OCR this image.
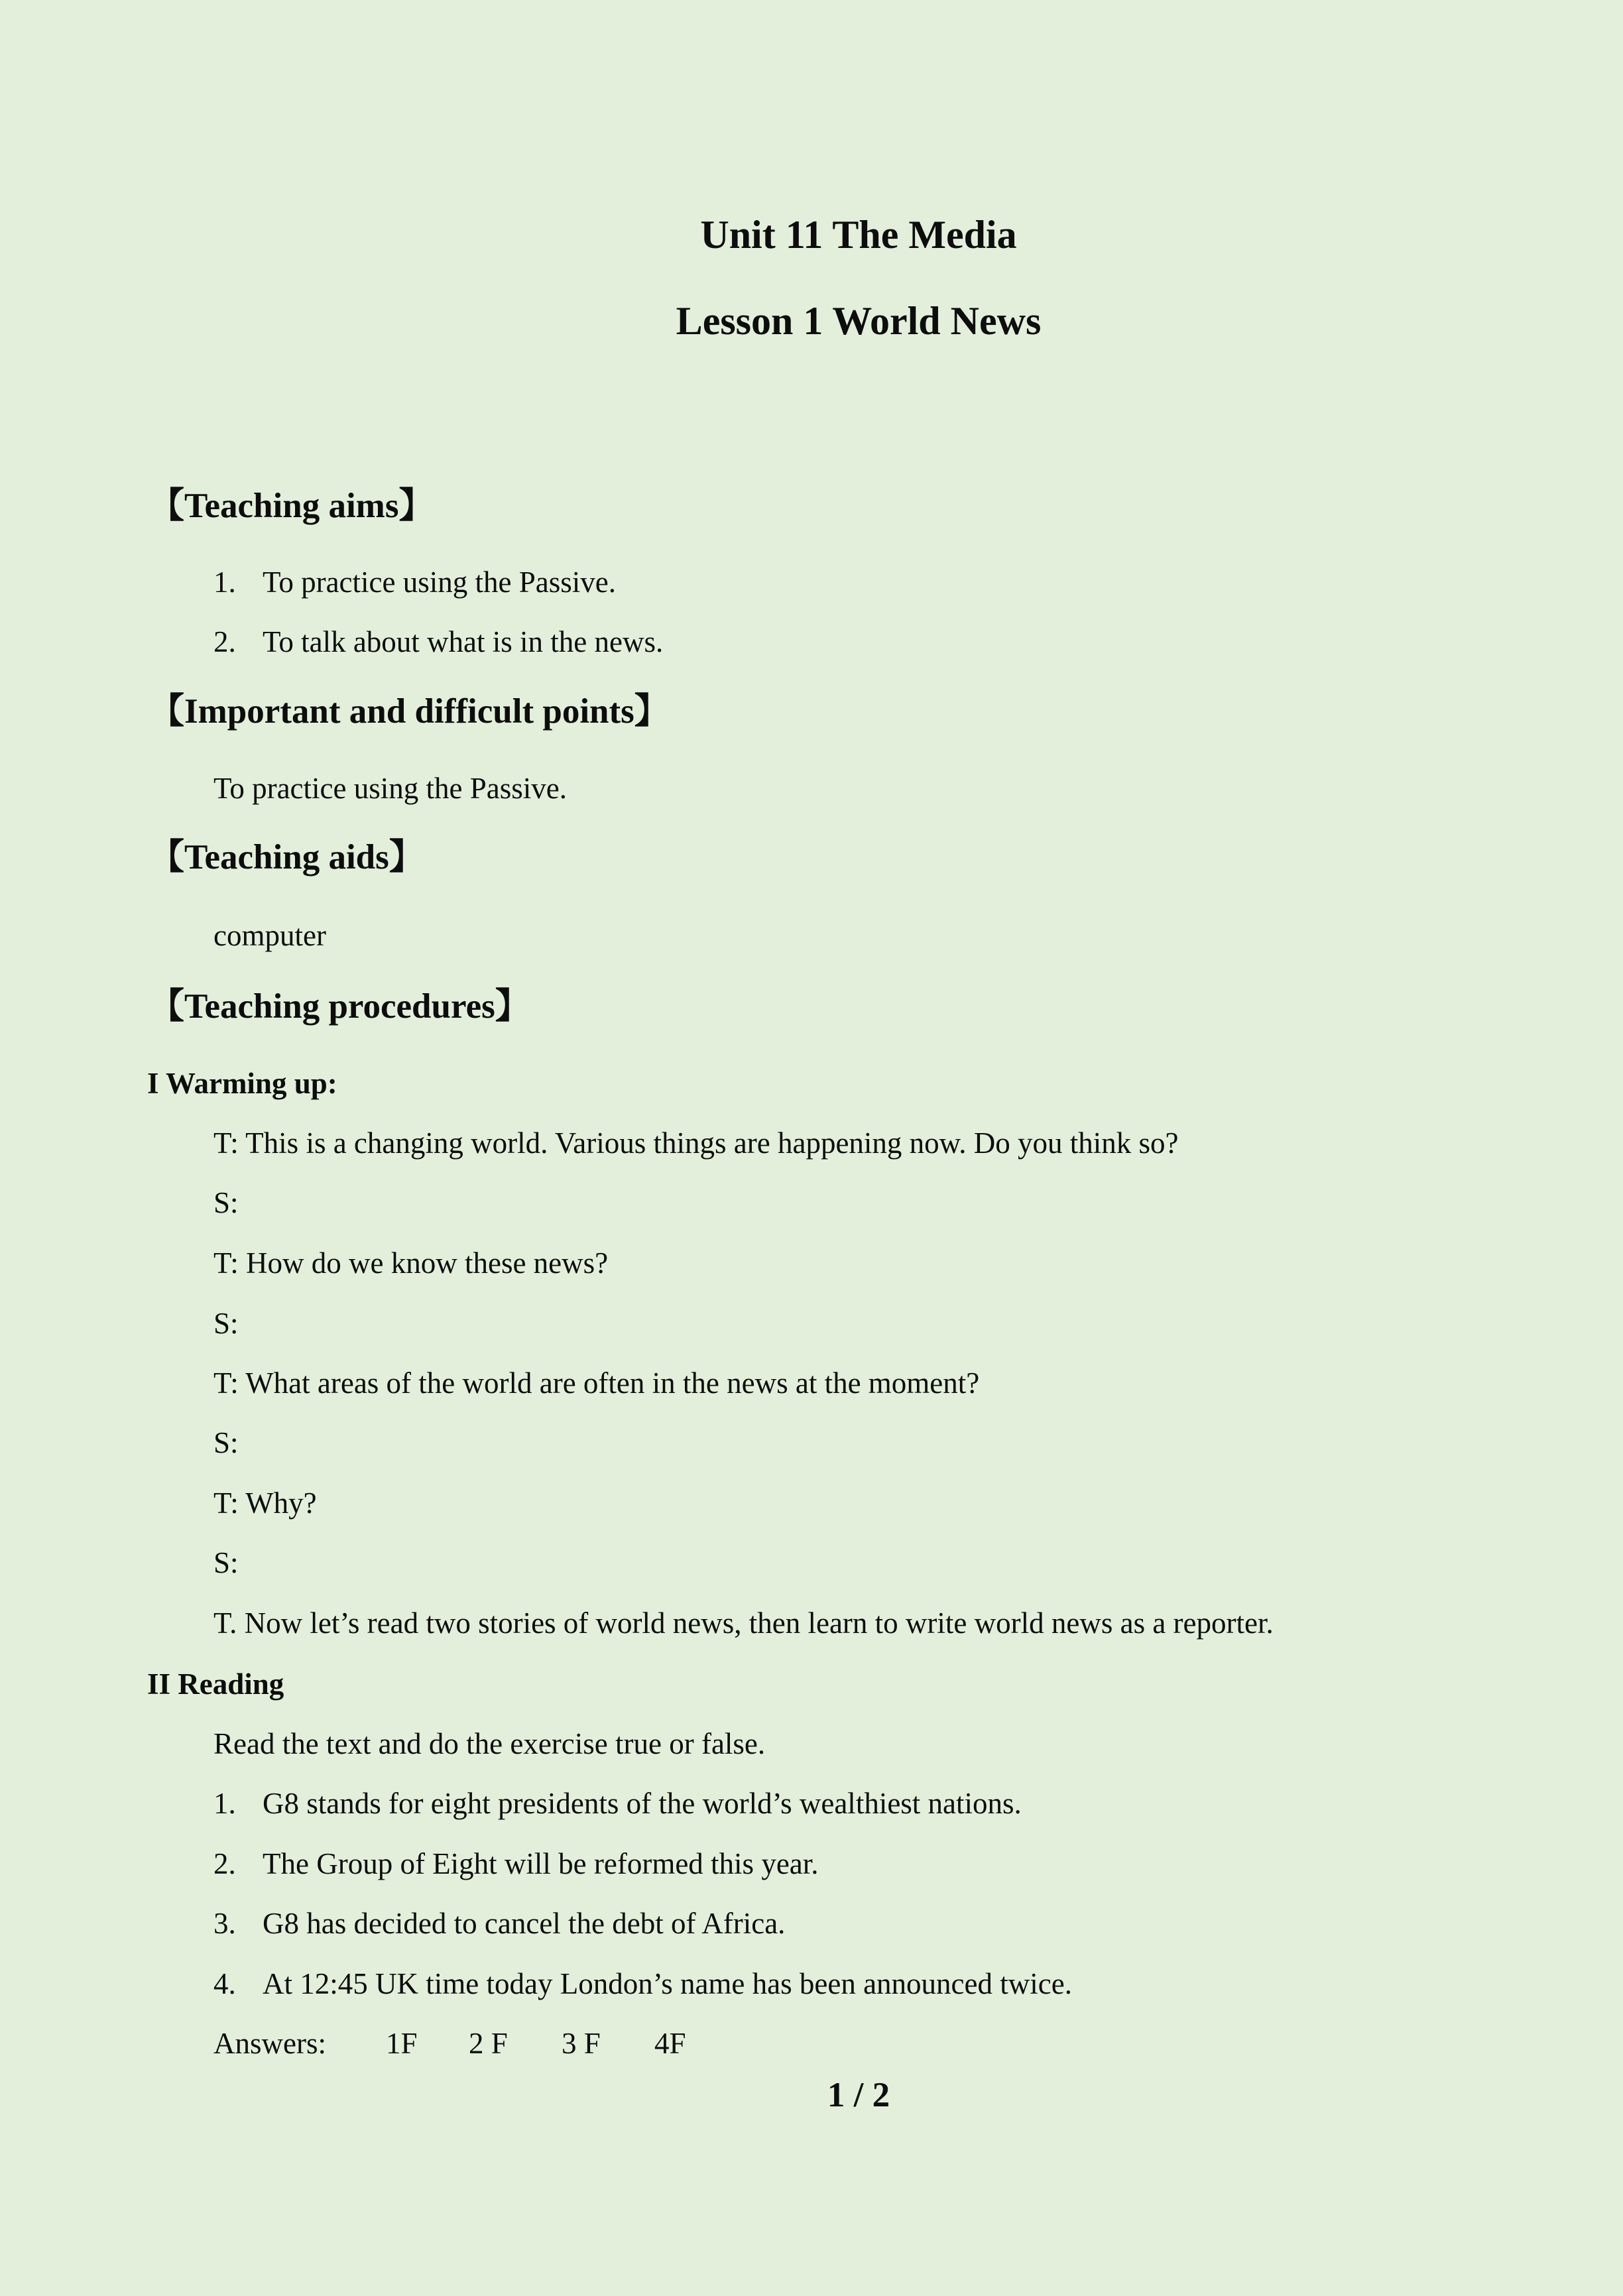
Unit 11 The Media
Lesson 1 World News
【Teaching aims】
1. To practice using the Passive.
2. To talk about what is in the news.
【Important and difficult points】
To practice using the Passive.
【Teaching aids】
computer
【Teaching procedures】
I Warming up:
T: This is a changing world. Various things are happening now. Do you think so?
S:
T: How do we know these news?
S:
T: What areas of the world are often in the news at the moment?
S:
T: Why?
S:
T. Now let’s read two stories of world news, then learn to write world news as a reporter.
II Reading
Read the text and do the exercise true or false.
1. G8 stands for eight presidents of the world’s wealthiest nations.
2. The Group of Eight will be reformed this year.
3. G8 has decided to cancel the debt of Africa.
4. At 12:45 UK time today London’s name has been announced twice.
Answers: 1F 2 F 3 F 4F
1 / 2
